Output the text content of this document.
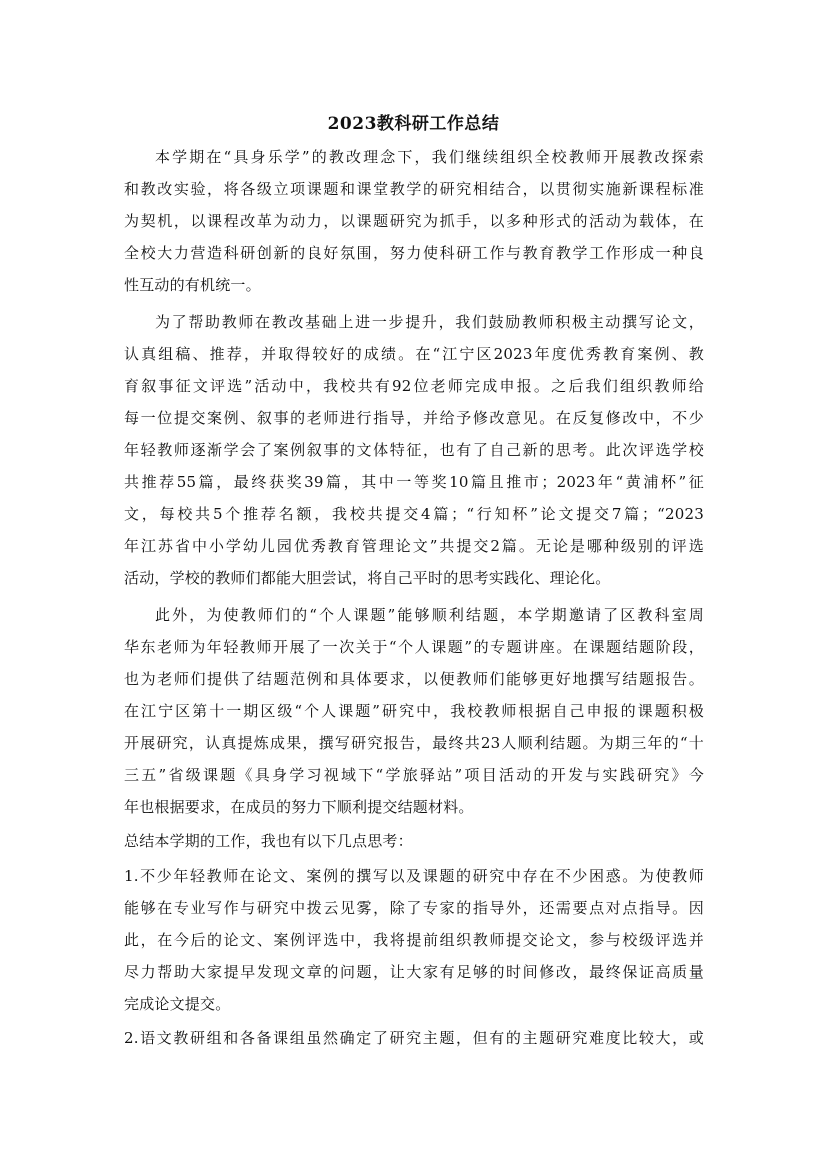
2023教科研工作总结

本学期在“具身乐学”的教改理念下，我们继续组织全校教师开展教改探索

和教改实验，将各级立项课题和课堂教学的研究相结合，以贯彻实施新课程标准

为契机，以课程改革为动力，以课题研究为抓手，以多种形式的活动为载体，在

全校大力营造科研创新的良好氛围，努力使科研工作与教育教学工作形成一种良

性互动的有机统一。

为了帮助教师在教改基础上进一步提升，我们鼓励教师积极主动撰写论文，

认真组稿、推荐，并取得较好的成绩。在“江宁区2023年度优秀教育案例、教

育叙事征文评选”活动中，我校共有92位老师完成申报。之后我们组织教师给

每一位提交案例、叙事的老师进行指导，并给予修改意见。在反复修改中，不少

年轻教师逐渐学会了案例叙事的文体特征，也有了自己新的思考。此次评选学校

共推荐55篇，最终获奖39篇，其中一等奖10篇且推市；2023年“黄浦杯”征

文，每校共5个推荐名额，我校共提交4篇；“行知杯”论文提交7篇；“2023

年江苏省中小学幼儿园优秀教育管理论文”共提交2篇。无论是哪种级别的评选

活动，学校的教师们都能大胆尝试，将自己平时的思考实践化、理论化。

此外，为使教师们的“个人课题”能够顺利结题，本学期邀请了区教科室周

华东老师为年轻教师开展了一次关于“个人课题”的专题讲座。在课题结题阶段，

也为老师们提供了结题范例和具体要求，以便教师们能够更好地撰写结题报告。

在江宁区第十一期区级“个人课题”研究中，我校教师根据自己申报的课题积极

开展研究，认真提炼成果，撰写研究报告，最终共23人顺利结题。为期三年的“十

三五”省级课题《具身学习视域下“学旅驿站”项目活动的开发与实践研究》今

年也根据要求，在成员的努力下顺利提交结题材料。

总结本学期的工作，我也有以下几点思考：

1.不少年轻教师在论文、案例的撰写以及课题的研究中存在不少困惑。为使教师

能够在专业写作与研究中拨云见雾，除了专家的指导外，还需要点对点指导。因

此，在今后的论文、案例评选中，我将提前组织教师提交论文，参与校级评选并

尽力帮助大家提早发现文章的问题，让大家有足够的时间修改，最终保证高质量

完成论文提交。

2.语文教研组和各备课组虽然确定了研究主题，但有的主题研究难度比较大，或
